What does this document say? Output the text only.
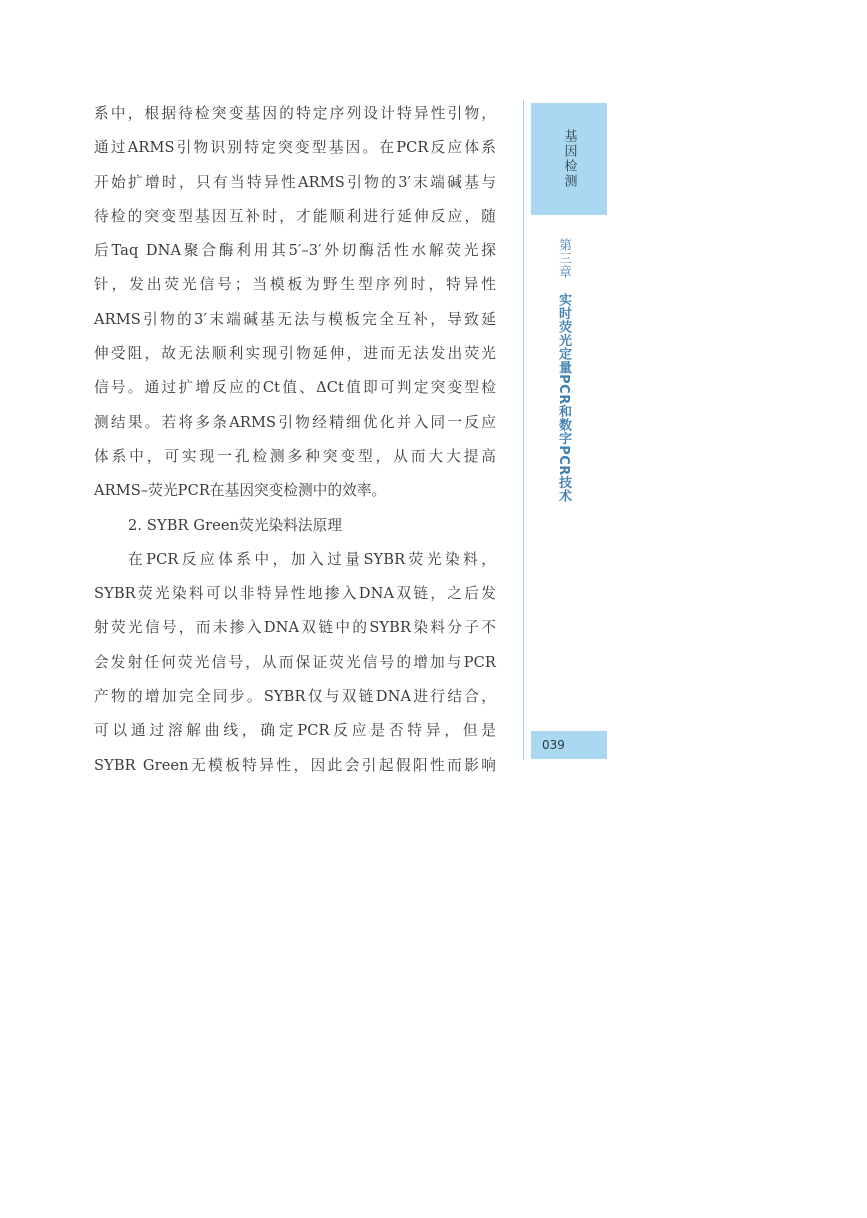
系中，根据待检突变基因的特定序列设计特异性引物，
通过ARMS引物识别特定突变型基因。在PCR反应体系
开始扩增时，只有当特异性ARMS引物的3′末端碱基与
待检的突变型基因互补时，才能顺利进行延伸反应，随
后Taq DNA聚合酶利用其5′–3′外切酶活性水解荧光探
针，发出荧光信号；当模板为野生型序列时，特异性
ARMS引物的3′末端碱基无法与模板完全互补，导致延
伸受阻，故无法顺利实现引物延伸，进而无法发出荧光
信号。通过扩增反应的Ct值、ΔCt值即可判定突变型检
测结果。若将多条ARMS引物经精细优化并入同一反应
体系中，可实现一孔检测多种突变型，从而大大提高
ARMS–荧光PCR在基因突变检测中的效率。
2. SYBR Green荧光染料法原理
在PCR反应体系中，加入过量SYBR荧光染料，
SYBR荧光染料可以非特异性地掺入DNA双链，之后发
射荧光信号，而未掺入DNA双链中的SYBR染料分子不
会发射任何荧光信号，从而保证荧光信号的增加与PCR
产物的增加完全同步。SYBR仅与双链DNA进行结合，
可以通过溶解曲线，确定PCR反应是否特异，但是
SYBR Green无模板特异性，因此会引起假阳性而影响
基因检测
第三章 实时荧光定量PCR和数字PCR技术
039
